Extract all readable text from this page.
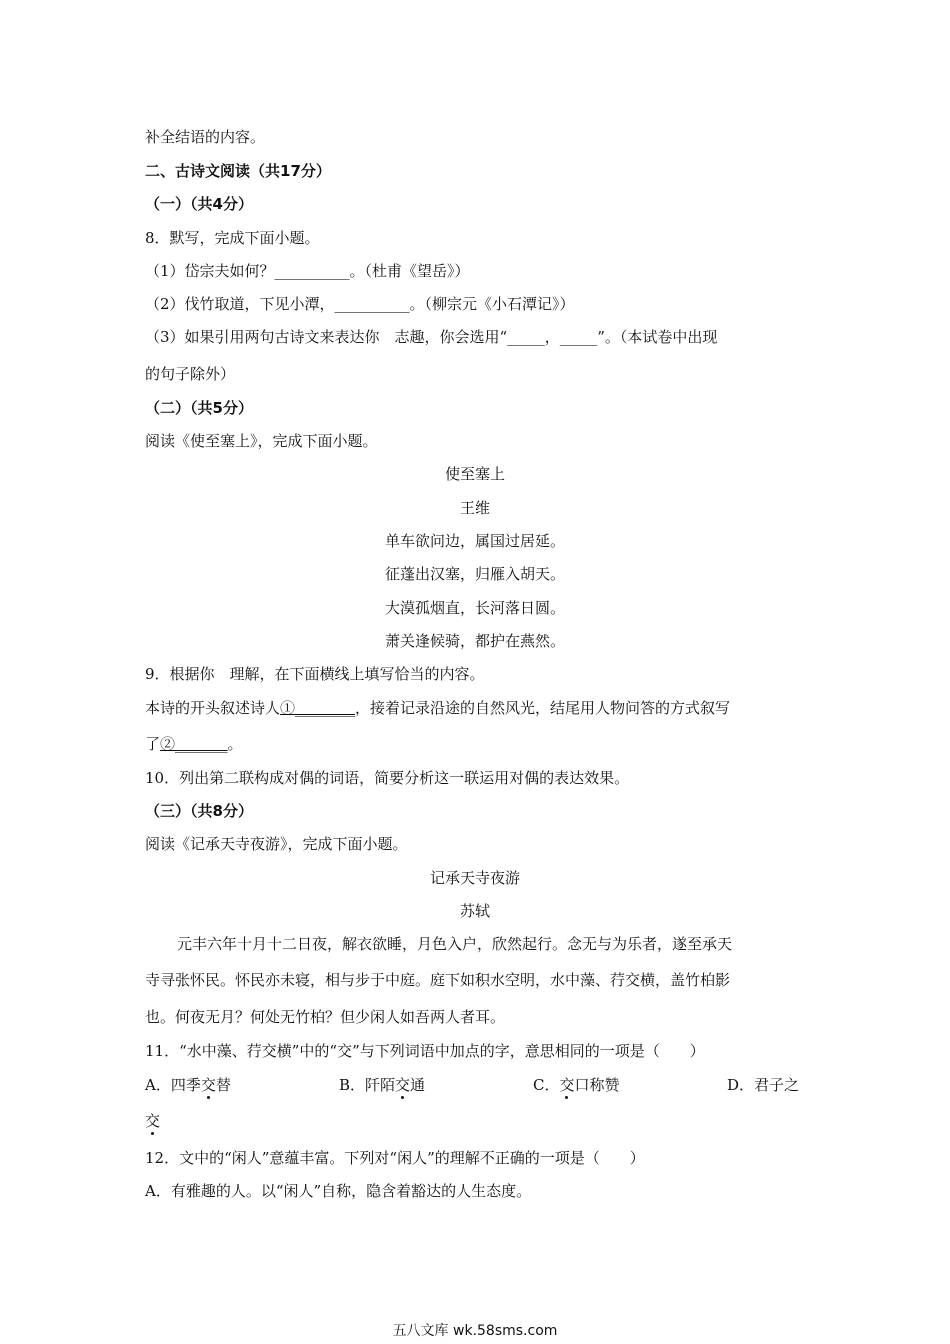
补全结语的内容。
二、古诗文阅读（共17分）
（一）（共4分）
8．默写，完成下面小题。
（1）岱宗夫如何？__________。（杜甫《望岳》）
（2）伐竹取道，下见小潭，__________。（柳宗元《小石潭记》）
（3）如果引用两句古诗文来表达你　志趣，你会选用“_____，_____”。（本试卷中出现
的句子除外）
（二）（共5分）
阅读《使至塞上》，完成下面小题。
使至塞上
王维
单车欲问边，属国过居延。
征蓬出汉塞，归雁入胡天。
大漠孤烟直，长河落日圆。
萧关逢候骑，都护在燕然。
9．根据你　理解，在下面横线上填写恰当的内容。
本诗的开头叙述诗人①________，接着记录沿途的自然风光，结尾用人物问答的方式叙写
了②_______。
10．列出第二联构成对偶的词语，简要分析这一联运用对偶的表达效果。
（三）（共8分）
阅读《记承天寺夜游》，完成下面小题。
记承天寺夜游
苏轼
元丰六年十月十二日夜，解衣欲睡，月色入户，欣然起行。念无与为乐者，遂至承天
寺寻张怀民。怀民亦未寝，相与步于中庭。庭下如积水空明，水中藻、荇交横，盖竹柏影
也。何夜无月？何处无竹柏？但少闲人如吾两人者耳。
11．“水中藻、荇交横”中的“交”与下列词语中加点的字，意思相同的一项是（　　）
A．四季交替	B．阡陌交通	C．交口称赞	D．君子之
交
12．文中的“闲人”意蕴丰富。下列对“闲人”的理解不正确的一项是（　　）
A．有雅趣的人。以“闲人”自称，隐含着豁达的人生态度。
五八文库 wk.58sms.com
